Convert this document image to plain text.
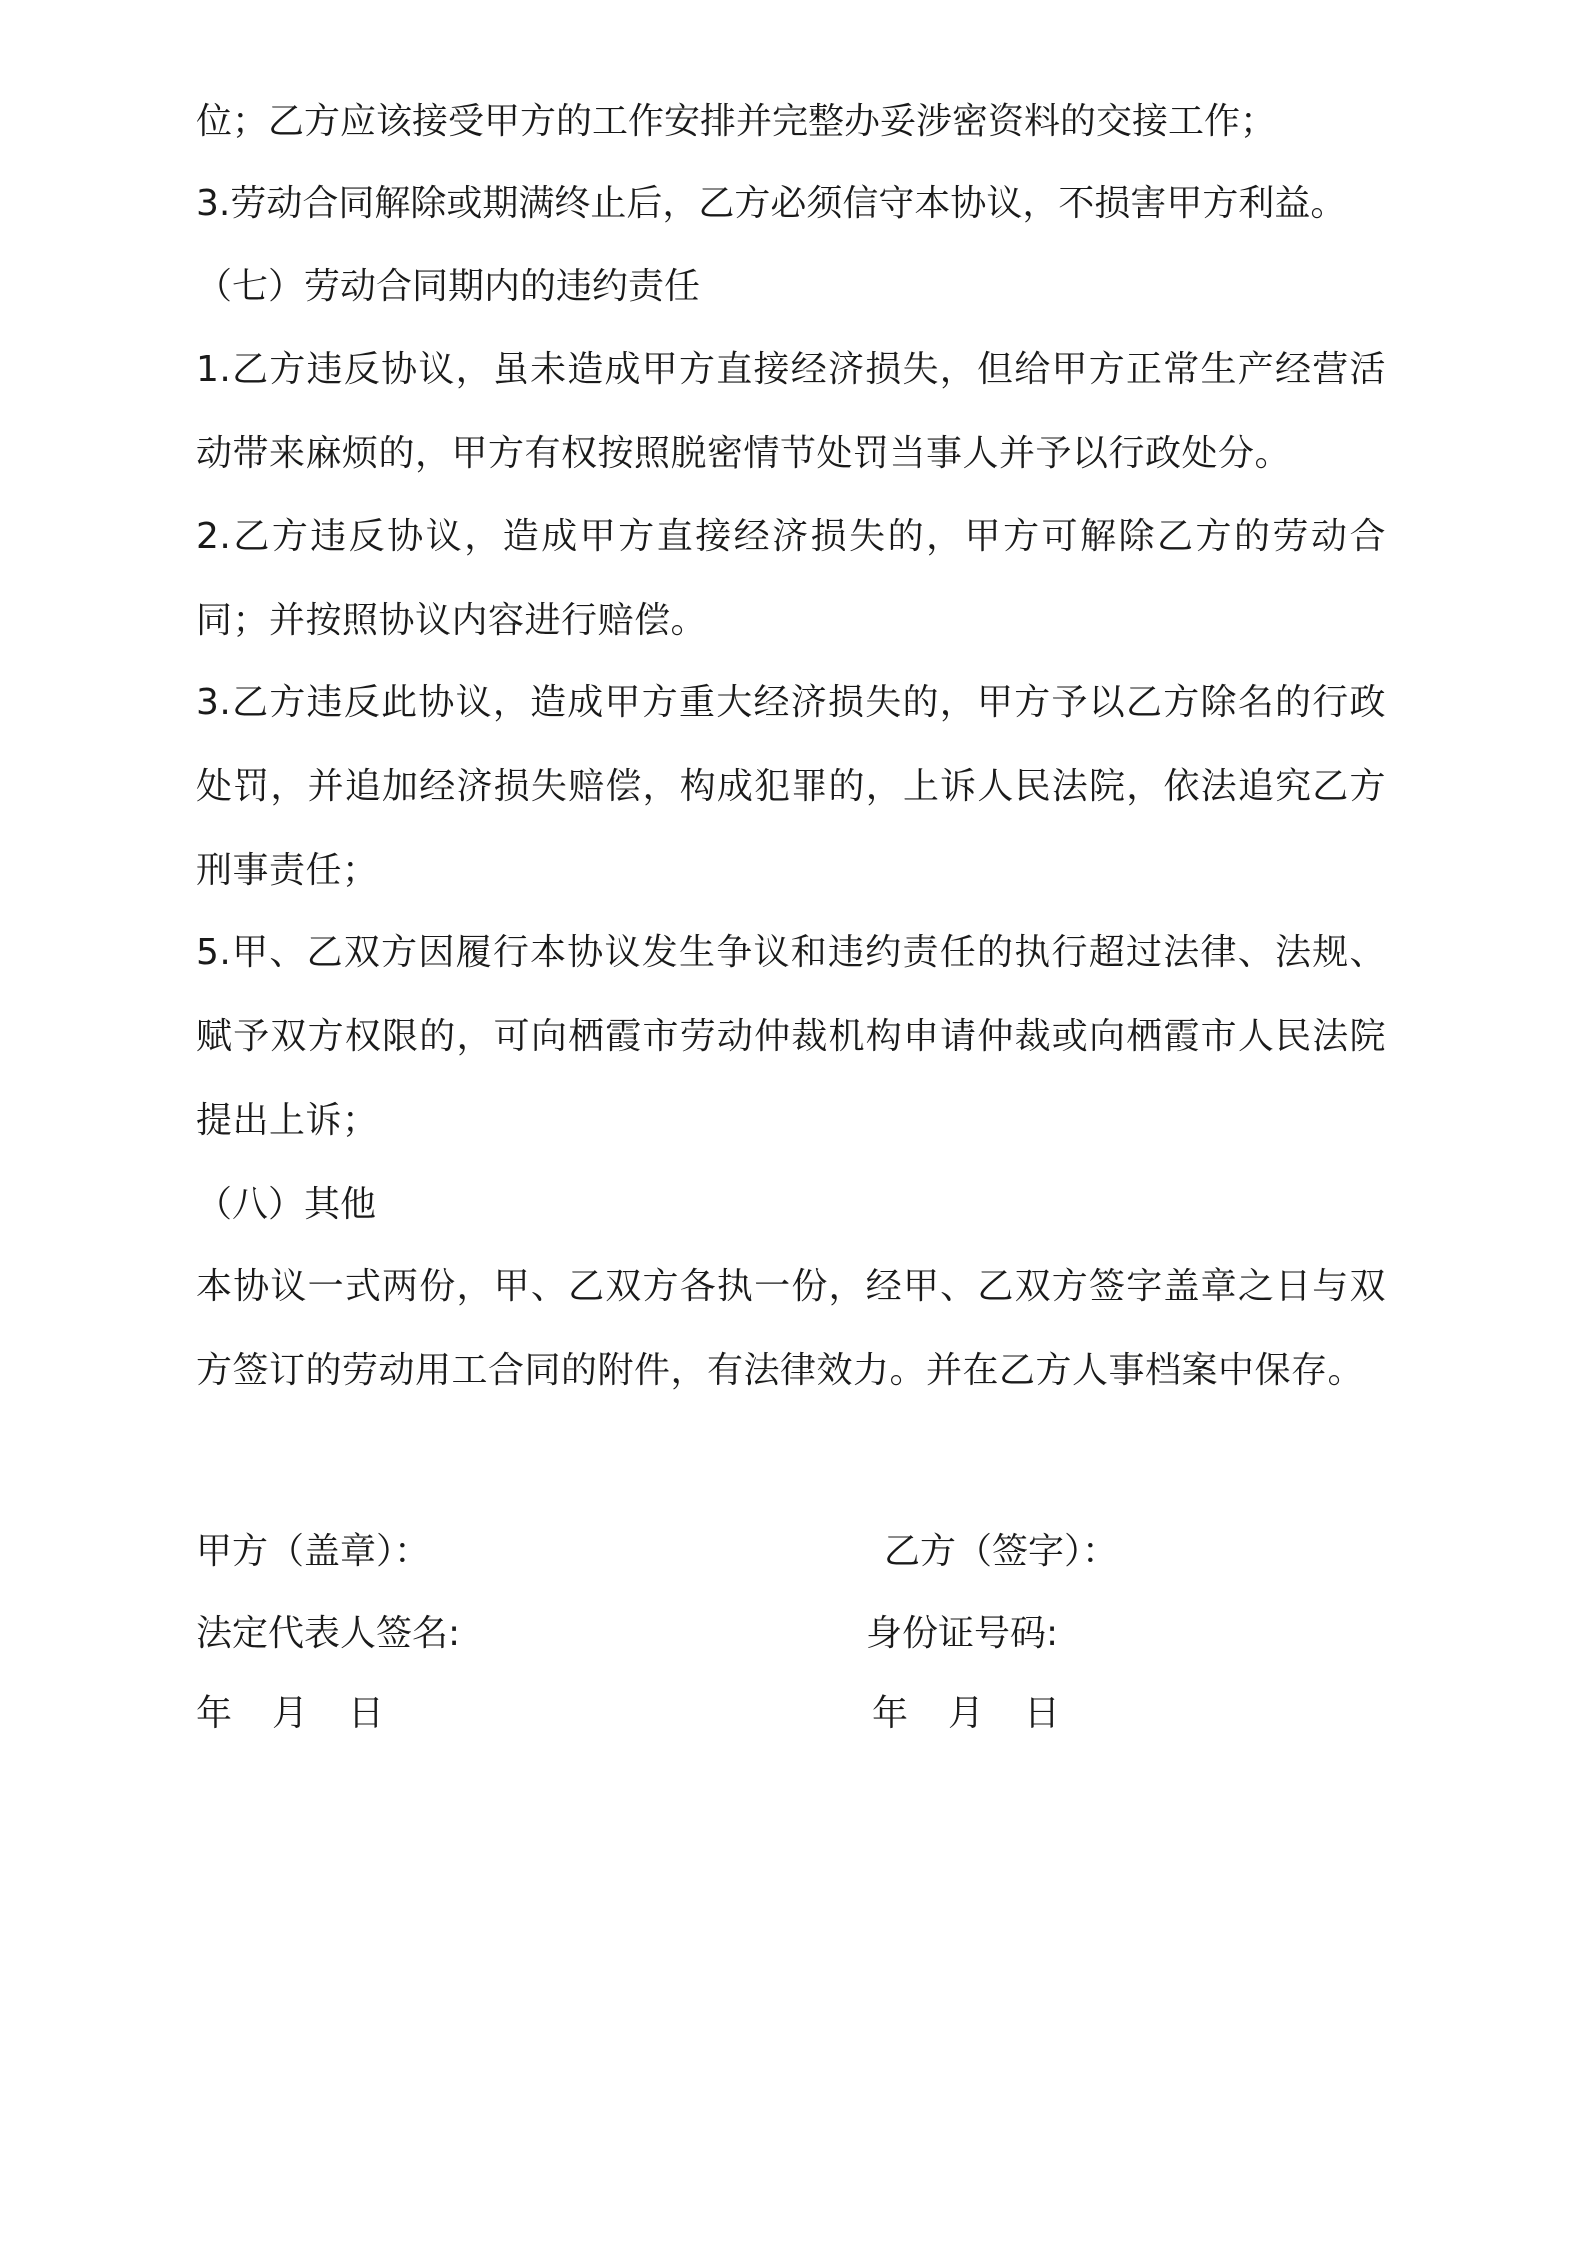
位；乙方应该接受甲方的工作安排并完整办妥涉密资料的交接工作；
3.劳动合同解除或期满终止后，乙方必须信守本协议，不损害甲方利益。
（七）劳动合同期内的违约责任
1.乙方违反协议，虽未造成甲方直接经济损失，但给甲方正常生产经营活动带来麻烦的，甲方有权按照脱密情节处罚当事人并予以行政处分。
2.乙方违反协议，造成甲方直接经济损失的，甲方可解除乙方的劳动合同；并按照协议内容进行赔偿。
3.乙方违反此协议，造成甲方重大经济损失的，甲方予以乙方除名的行政处罚，并追加经济损失赔偿，构成犯罪的，上诉人民法院，依法追究乙方刑事责任；
5.甲、乙双方因履行本协议发生争议和违约责任的执行超过法律、法规、赋予双方权限的，可向栖霞市劳动仲裁机构申请仲裁或向栖霞市人民法院提出上诉；
（八）其他
本协议一式两份，甲、乙双方各执一份，经甲、乙双方签字盖章之日与双方签订的劳动用工合同的附件，有法律效力。并在乙方人事档案中保存。
甲方（盖章）：	乙方（签字）：
法定代表人签名:	身份证号码:
年 月 日	年 月 日
